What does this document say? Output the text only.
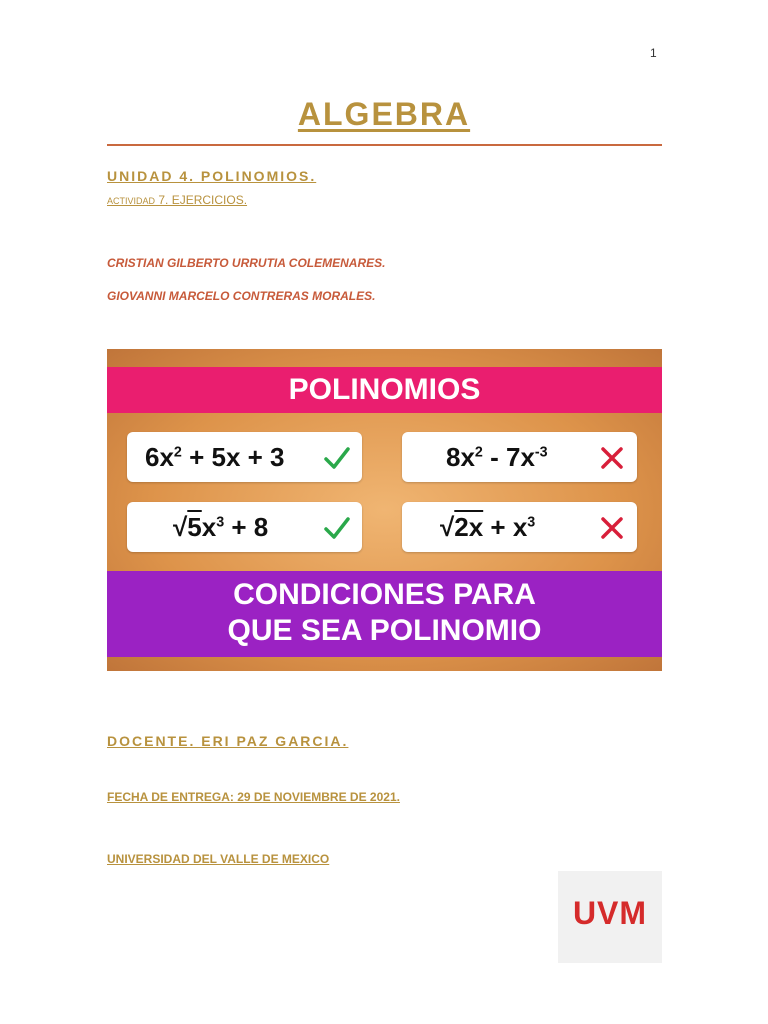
1
ALGEBRA
UNIDAD 4. POLINOMIOS.
ACTIVIDAD 7. EJERCICIOS.
CRISTIAN GILBERTO URRUTIA COLEMENARES.
GIOVANNI MARCELO CONTRERAS MORALES.
POLINOMIOS
$6x^2 + 5x + 3$	$8x^2 - 7x^{-3}$
$√5x^3 + 8$	$√2x + x^3$
CONDICIONES PARA
QUE SEA POLINOMIO
DOCENTE. ERI PAZ GARCIA.
FECHA DE ENTREGA: 29 DE NOVIEMBRE DE 2021.
UNIVERSIDAD DEL VALLE DE MEXICO
UVM
